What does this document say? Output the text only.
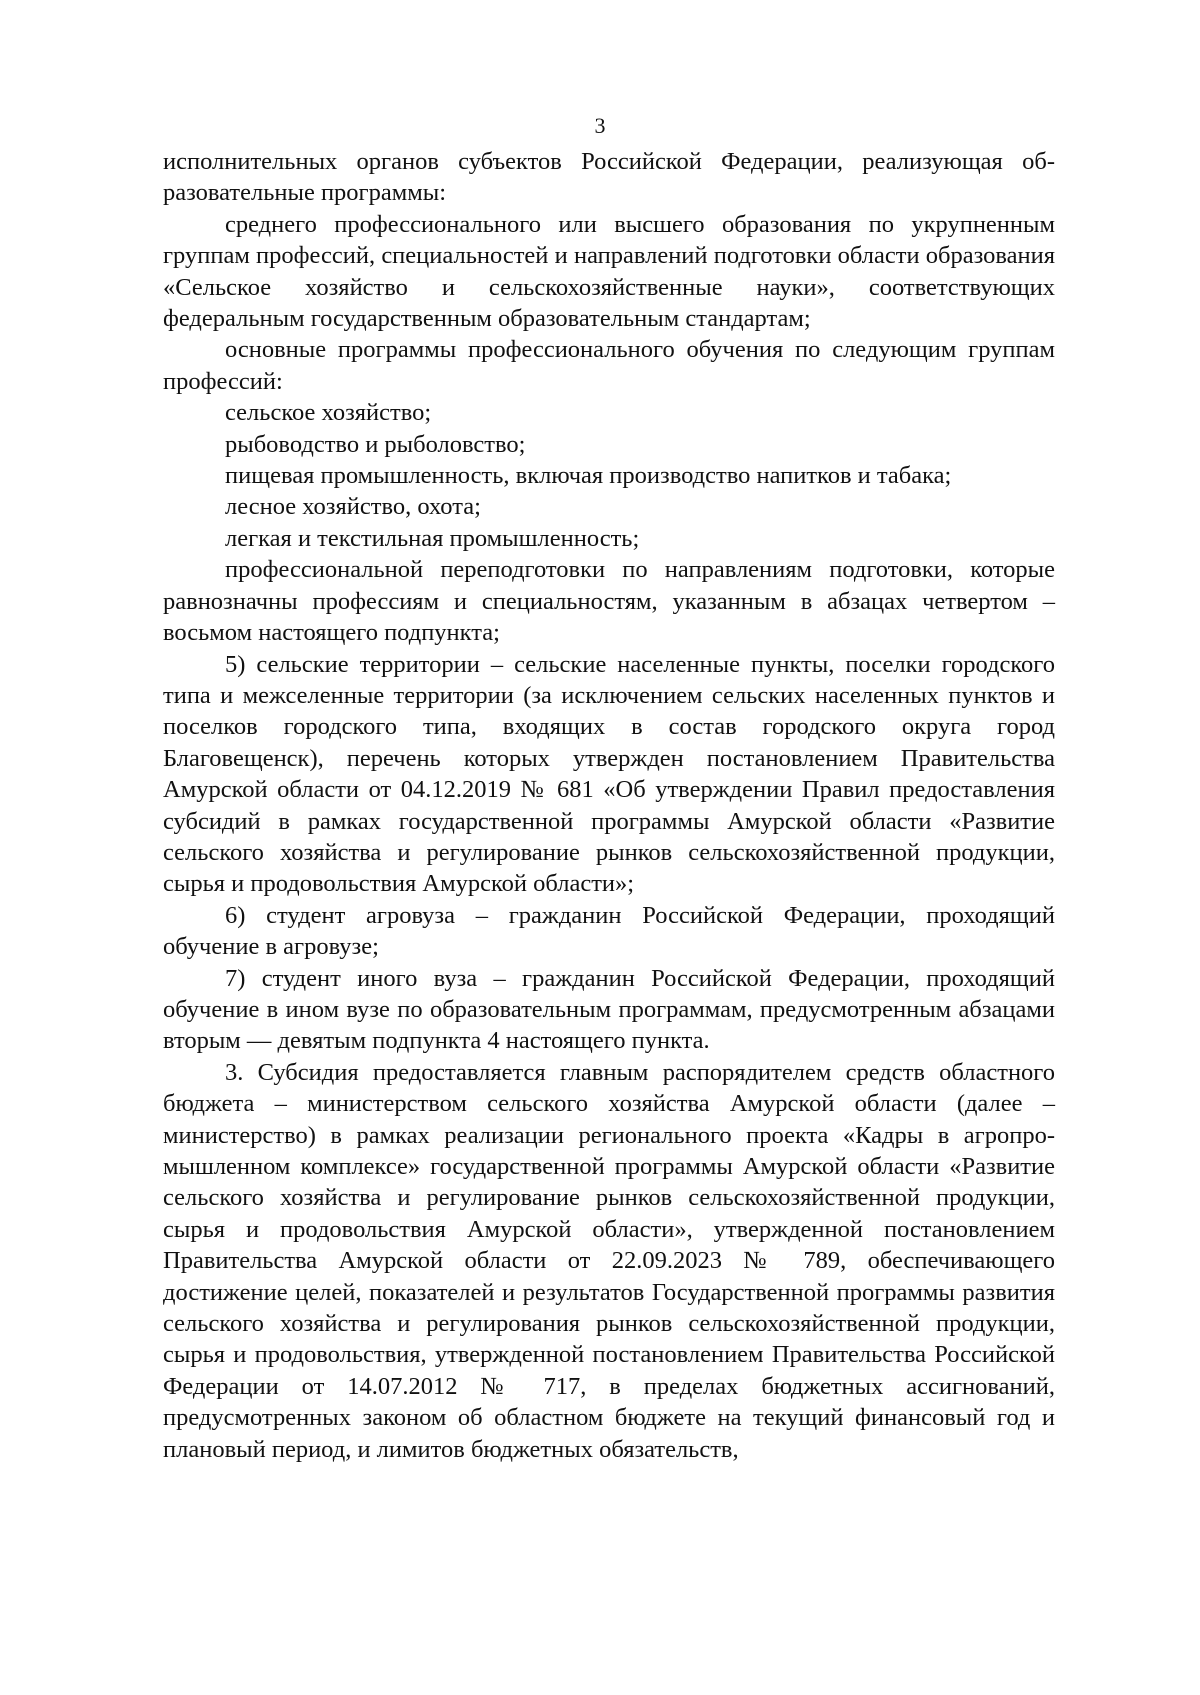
3

исполнительных органов субъектов Российской Федерации, реализующая образовательные программы:

среднего профессионального или высшего образования по укрупненным группам профессий, специальностей и направлений подготовки области образования «Сельское хозяйство и сельскохозяйственные науки», соответствующих федеральным государственным образовательным стандартам;

основные программы профессионального обучения по следующим группам профессий:

сельское хозяйство;

рыбоводство и рыболовство;

пищевая промышленность, включая производство напитков и табака;

лесное хозяйство, охота;

легкая и текстильная промышленность;

профессиональной переподготовки по направлениям подготовки, которые равнозначны профессиям и специальностям, указанным в абзацах четвертом – восьмом настоящего подпункта;

5) сельские территории – сельские населенные пункты, поселки городского типа и межселенные территории (за исключением сельских населенных пунктов и поселков городского типа, входящих в состав городского округа город Благовещенск), перечень которых утвержден постановлением Правительства Амурской области от 04.12.2019 № 681 «Об утверждении Правил предоставления субсидий в рамках государственной программы Амурской области «Развитие сельского хозяйства и регулирование рынков сельскохозяйственной продукции, сырья и продовольствия Амурской области»;

6) студент агровуза – гражданин Российской Федерации, проходящий обучение в агровузе;

7) студент иного вуза – гражданин Российской Федерации, проходящий обучение в ином вузе по образовательным программам, предусмотренным абзацами вторым — девятым подпункта 4 настоящего пункта.

3. Субсидия предоставляется главным распорядителем средств областного бюджета – министерством сельского хозяйства Амурской области (далее – министерство) в рамках реализации регионального проекта «Кадры в агропромышленном комплексе» государственной программы Амурской области «Развитие сельского хозяйства и регулирование рынков сельскохозяйственной продукции, сырья и продовольствия Амурской области», утвержденной постановлением Правительства Амурской области от 22.09.2023 № 789, обеспечивающего достижение целей, показателей и результатов Государственной программы развития сельского хозяйства и регулирования рынков сельскохозяйственной продукции, сырья и продовольствия, утвержденной постановлением Правительства Российской Федерации от 14.07.2012 № 717, в пределах бюджетных ассигнований, предусмотренных законом об областном бюджете на текущий финансовый год и плановый период, и лимитов бюджетных обязательств,
